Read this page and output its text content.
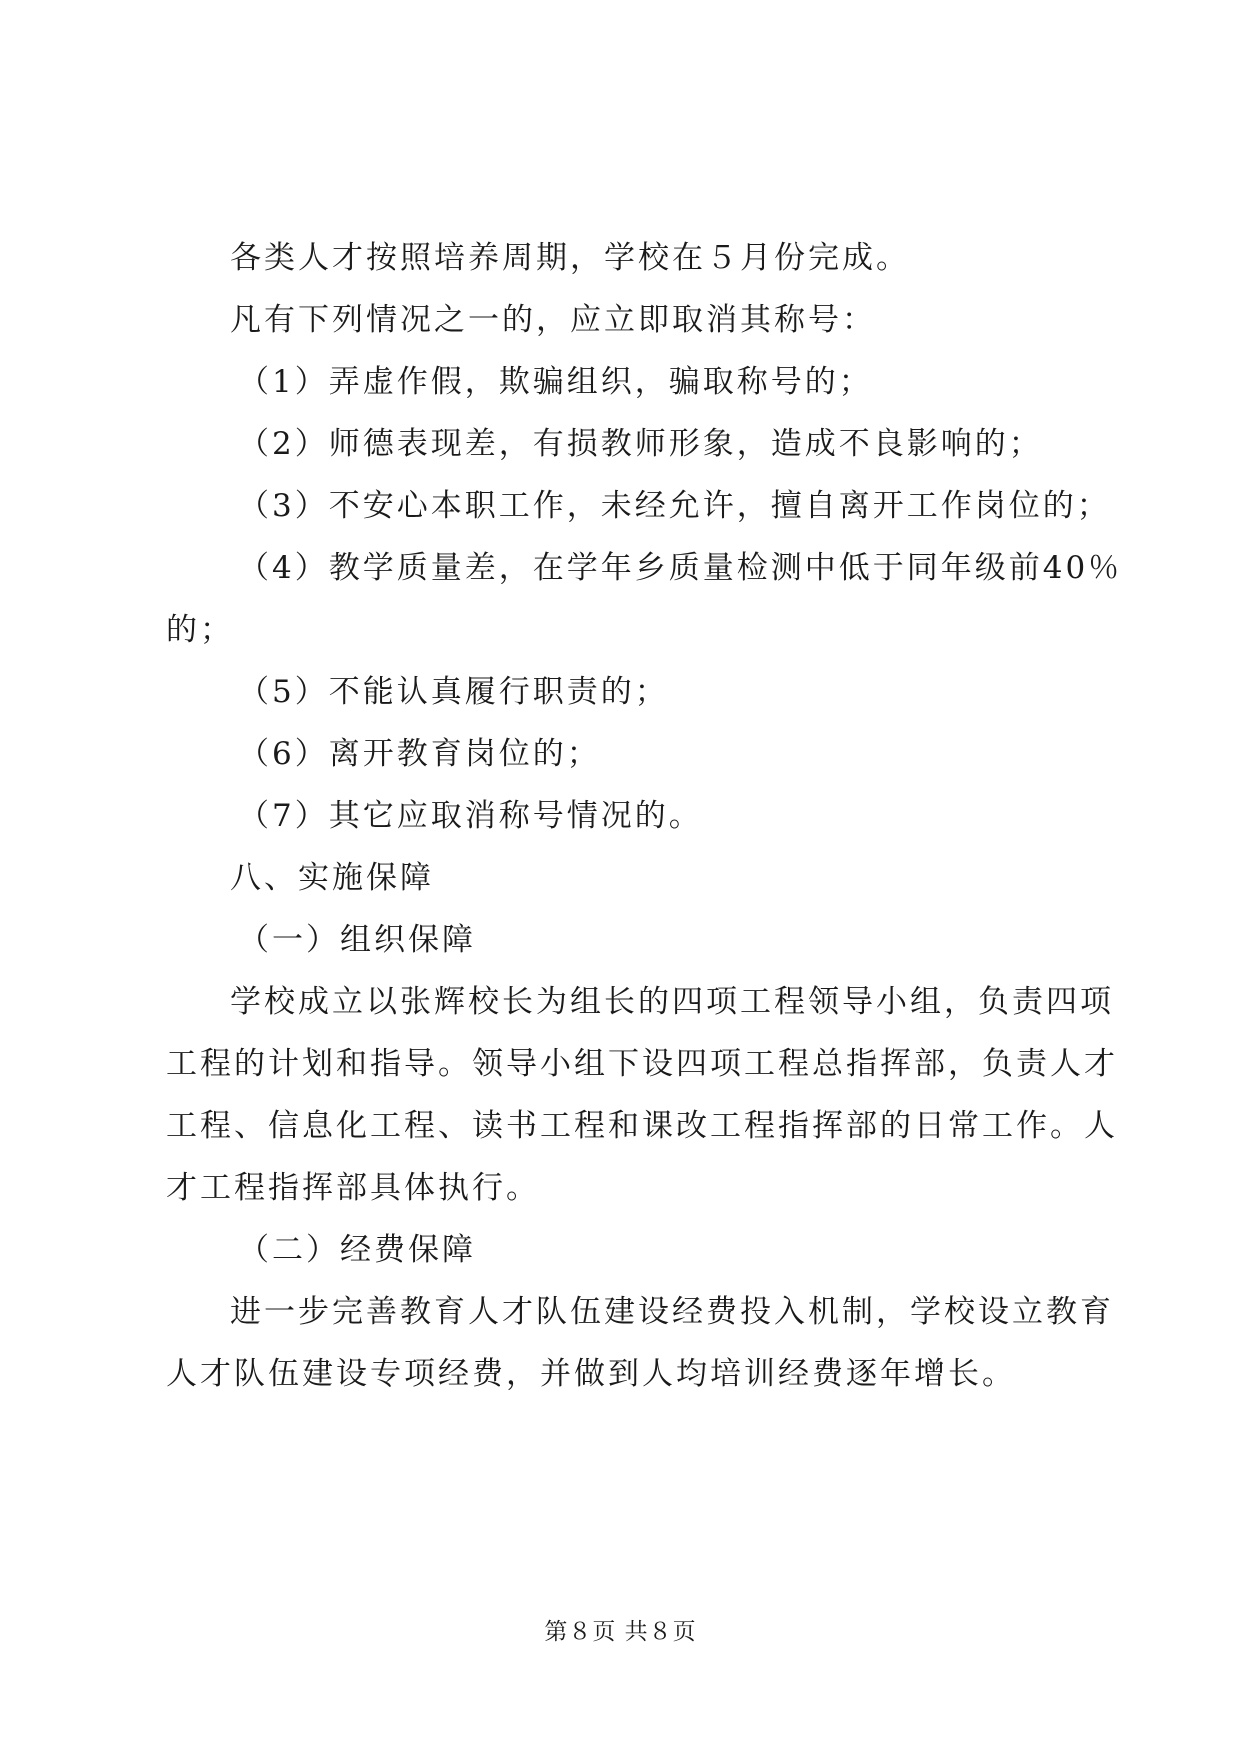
各类人才按照培养周期，学校在５月份完成。

凡有下列情况之一的，应立即取消其称号：

（1）弄虚作假，欺骗组织，骗取称号的；

（2）师德表现差，有损教师形象，造成不良影响的；

（3）不安心本职工作，未经允许，擅自离开工作岗位的；

（4）教学质量差，在学年乡质量检测中低于同年级前40％的；

（5）不能认真履行职责的；

（6）离开教育岗位的；

（7）其它应取消称号情况的。

八、实施保障

（一）组织保障

学校成立以张辉校长为组长的四项工程领导小组，负责四项工程的计划和指导。领导小组下设四项工程总指挥部，负责人才工程、信息化工程、读书工程和课改工程指挥部的日常工作。人才工程指挥部具体执行。

（二）经费保障

进一步完善教育人才队伍建设经费投入机制，学校设立教育人才队伍建设专项经费，并做到人均培训经费逐年增长。

第８页 共８页
